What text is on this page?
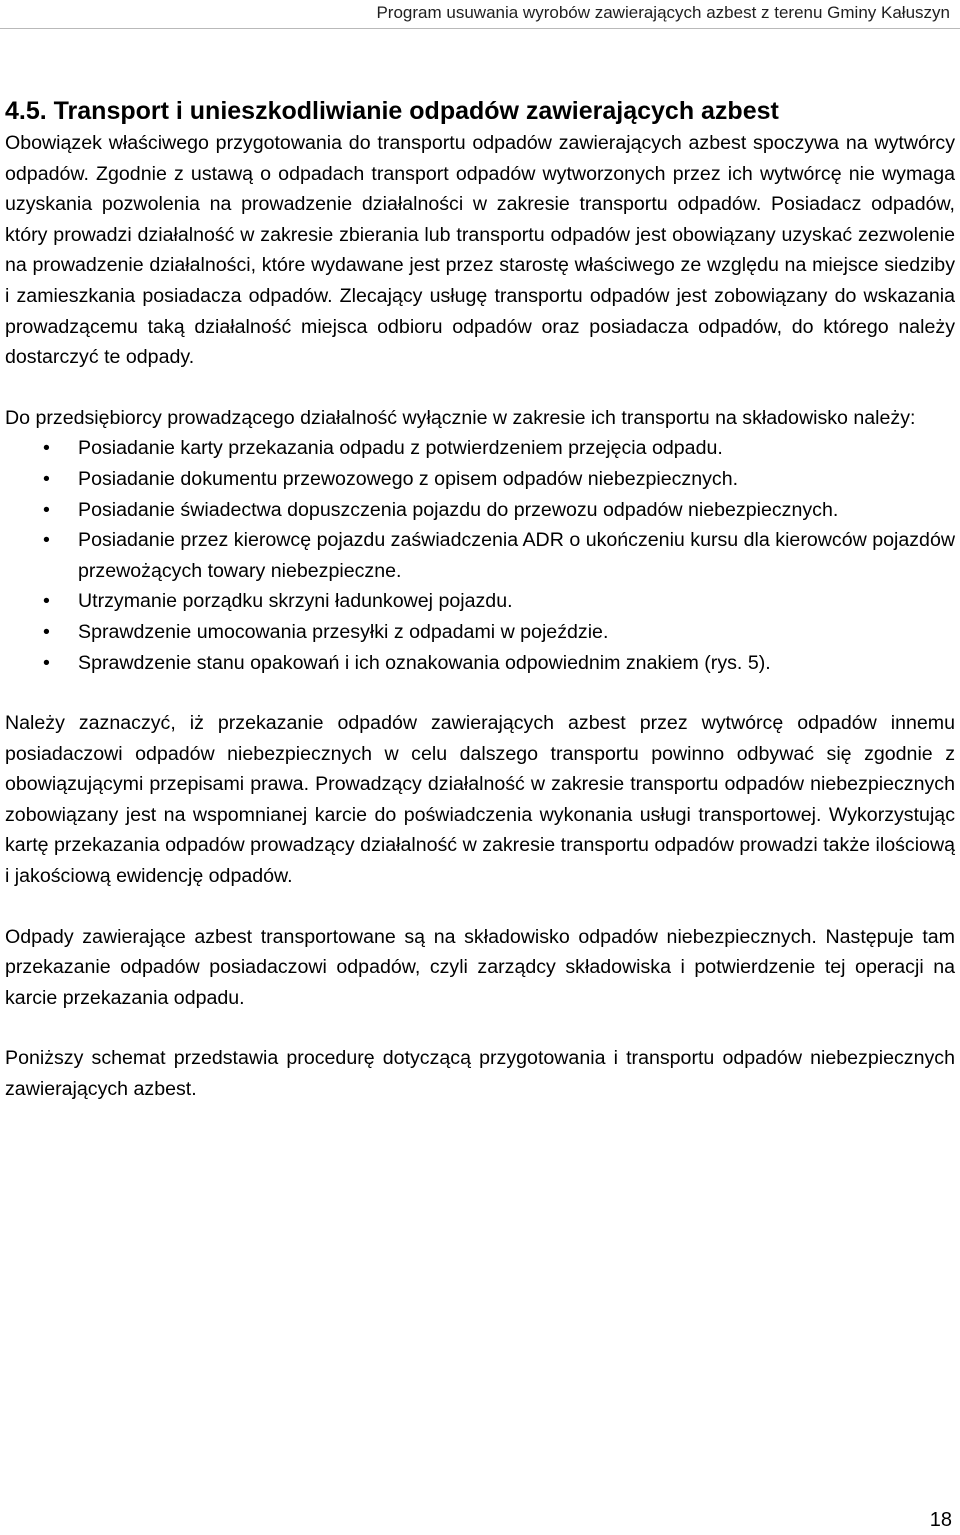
Program usuwania wyrobów zawierających azbest z terenu Gminy Kałuszyn
4.5. Transport i unieszkodliwianie odpadów zawierających azbest

Obowiązek właściwego przygotowania do transportu odpadów zawierających azbest spoczywa na wytwórcy odpadów. Zgodnie z ustawą o odpadach transport odpadów wytworzonych przez ich wytwórcę nie wymaga uzyskania pozwolenia na prowadzenie działalności w zakresie transportu odpadów. Posiadacz odpadów, który prowadzi działalność w zakresie zbierania lub transportu odpadów jest obowiązany uzyskać zezwolenie na prowadzenie działalności, które wydawane jest przez starostę właściwego ze względu na miejsce siedziby i zamieszkania posiadacza odpadów. Zlecający usługę transportu odpadów jest zobowiązany do wskazania prowadzącemu taką działalność miejsca odbioru odpadów oraz posiadacza odpadów, do którego należy dostarczyć te odpady.

Do przedsiębiorcy prowadzącego działalność wyłącznie w zakresie ich transportu na składowisko należy:

• Posiadanie karty przekazania odpadu z potwierdzeniem przejęcia odpadu.
• Posiadanie dokumentu przewozowego z opisem odpadów niebezpiecznych.
• Posiadanie świadectwa dopuszczenia pojazdu do przewozu odpadów niebezpiecznych.
• Posiadanie przez kierowcę pojazdu zaświadczenia ADR o ukończeniu kursu dla kierowców pojazdów przewożących towary niebezpieczne.
• Utrzymanie porządku skrzyni ładunkowej pojazdu.
• Sprawdzenie umocowania przesyłki z odpadami w pojeździe.
• Sprawdzenie stanu opakowań i ich oznakowania odpowiednim znakiem (rys. 5).

Należy zaznaczyć, iż przekazanie odpadów zawierających azbest przez wytwórcę odpadów innemu posiadaczowi odpadów niebezpiecznych w celu dalszego transportu powinno odbywać się zgodnie z obowiązującymi przepisami prawa. Prowadzący działalność w zakresie transportu odpadów niebezpiecznych zobowiązany jest na wspomnianej karcie do poświadczenia wykonania usługi transportowej. Wykorzystując kartę przekazania odpadów prowadzący działalność w zakresie transportu odpadów prowadzi także ilościową i jakościową ewidencję odpadów.

Odpady zawierające azbest transportowane są na składowisko odpadów niebezpiecznych. Następuje tam przekazanie odpadów posiadaczowi odpadów, czyli zarządcy składowiska i potwierdzenie tej operacji na karcie przekazania odpadu.

Poniższy schemat przedstawia procedurę dotyczącą przygotowania i transportu odpadów niebezpiecznych zawierających azbest.

18
